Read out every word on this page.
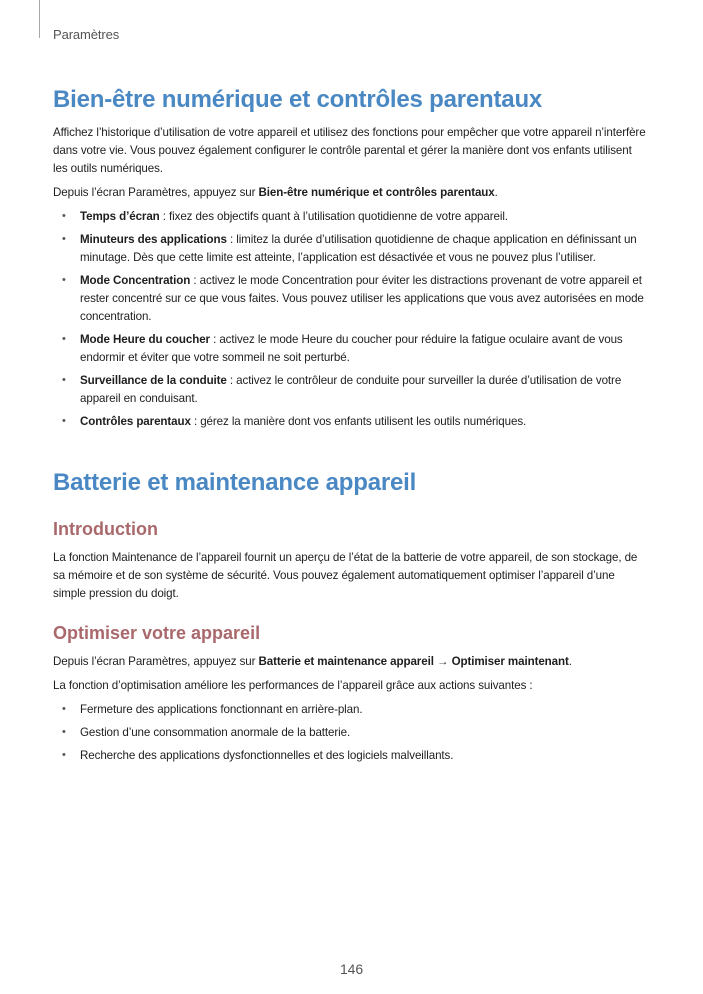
Paramètres

Bien-être numérique et contrôles parentaux

Affichez l’historique d’utilisation de votre appareil et utilisez des fonctions pour empêcher que votre appareil n’interfère dans votre vie. Vous pouvez également configurer le contrôle parental et gérer la manière dont vos enfants utilisent les outils numériques.

Depuis l’écran Paramètres, appuyez sur Bien-être numérique et contrôles parentaux.

• Temps d’écran : fixez des objectifs quant à l’utilisation quotidienne de votre appareil.
• Minuteurs des applications : limitez la durée d’utilisation quotidienne de chaque application en définissant un minutage. Dès que cette limite est atteinte, l’application est désactivée et vous ne pouvez plus l’utiliser.
• Mode Concentration : activez le mode Concentration pour éviter les distractions provenant de votre appareil et rester concentré sur ce que vous faites. Vous pouvez utiliser les applications que vous avez autorisées en mode concentration.
• Mode Heure du coucher : activez le mode Heure du coucher pour réduire la fatigue oculaire avant de vous endormir et éviter que votre sommeil ne soit perturbé.
• Surveillance de la conduite : activez le contrôleur de conduite pour surveiller la durée d’utilisation de votre appareil en conduisant.
• Contrôles parentaux : gérez la manière dont vos enfants utilisent les outils numériques.
Batterie et maintenance appareil
Introduction

La fonction Maintenance de l’appareil fournit un aperçu de l’état de la batterie de votre appareil, de son stockage, de sa mémoire et de son système de sécurité. Vous pouvez également automatiquement optimiser l’appareil d’une simple pression du doigt.

Optimiser votre appareil

Depuis l’écran Paramètres, appuyez sur Batterie et maintenance appareil → Optimiser maintenant.

La fonction d’optimisation améliore les performances de l’appareil grâce aux actions suivantes :

• Fermeture des applications fonctionnant en arrière-plan.
• Gestion d’une consommation anormale de la batterie.
• Recherche des applications dysfonctionnelles et des logiciels malveillants.

146
